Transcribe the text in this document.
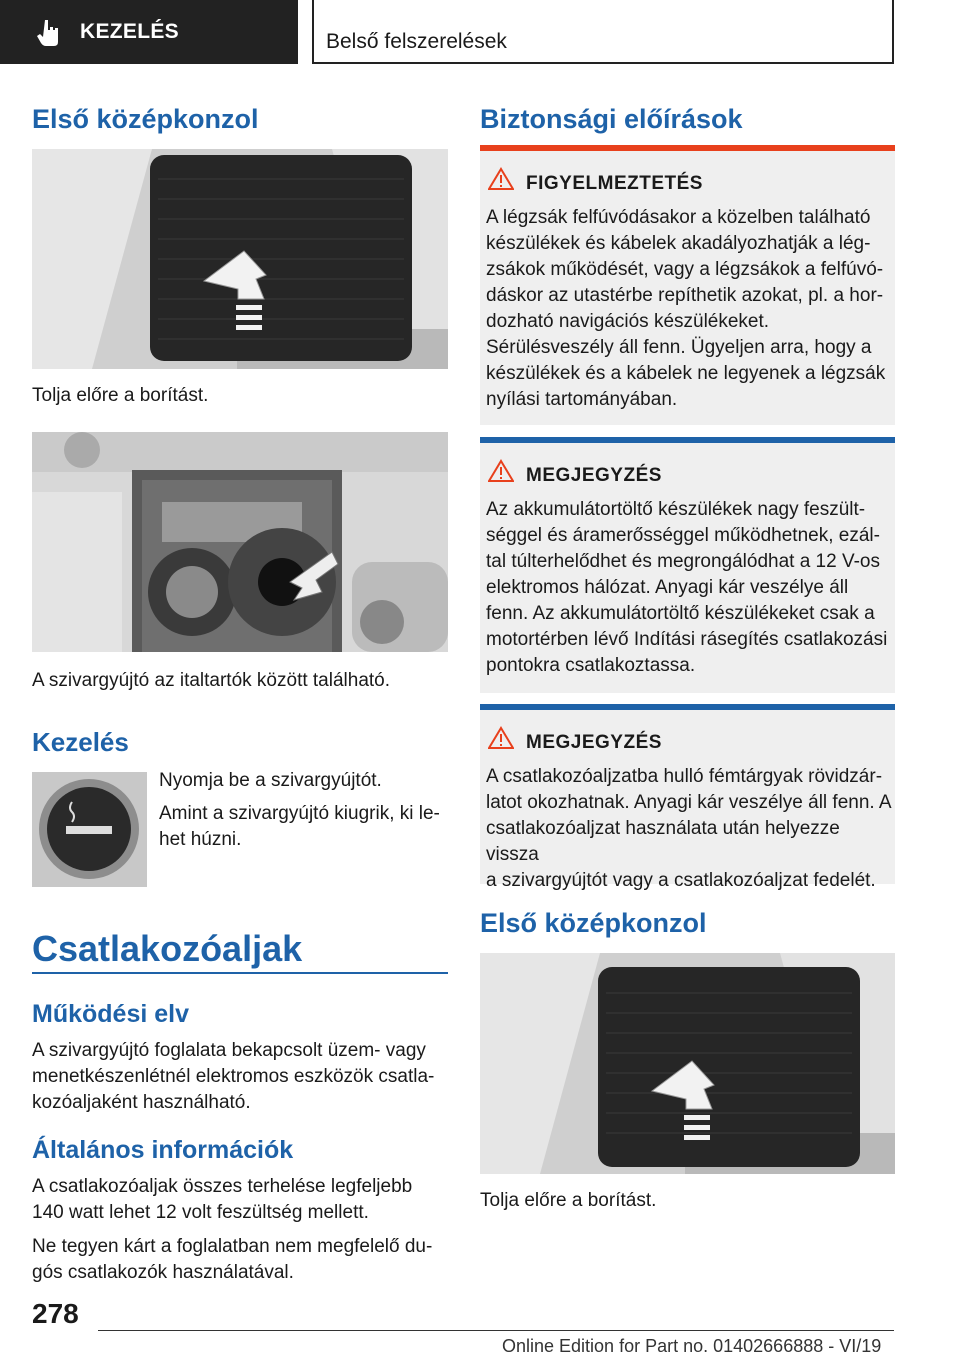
KEZELÉS	Belső felszerelések
Első középkonzol
Tolja előre a borítást.
A szivargyújtó az italtartók között található.
Kezelés
Nyomja be a szivargyújtót.
Amint a szivargyújtó kiugrik, ki le-
het húzni.
Csatlakozóaljak
Működési elv
A szivargyújtó foglalata bekapcsolt üzem- vagy
menetkészenlétnél elektromos eszközök csatla-
kozóaljaként használható.
Általános információk
A csatlakozóaljak összes terhelése legfeljebb
140 watt lehet 12 volt feszültség mellett.
Ne tegyen kárt a foglalatban nem megfelelő du-
gós csatlakozók használatával.
Biztonsági előírások
FIGYELMEZTETÉS
A légzsák felfúvódásakor a közelben található
készülékek és kábelek akadályozhatják a lég-
zsákok működését, vagy a légzsákok a felfúvó-
dáskor az utastérbe repíthetik azokat, pl. a hor-
dozható navigációs készülékeket.
Sérülésveszély áll fenn. Ügyeljen arra, hogy a
készülékek és a kábelek ne legyenek a légzsák
nyílási tartományában.
MEGJEGYZÉS
Az akkumulátortöltő készülékek nagy feszült-
séggel és áramerősséggel működhetnek, ezál-
tal túlterhelődhet és megrongálódhat a 12 V-os
elektromos hálózat. Anyagi kár veszélye áll
fenn. Az akkumulátortöltő készülékeket csak a
motortérben lévő Indítási rásegítés csatlakozási
pontokra csatlakoztassa.
MEGJEGYZÉS
A csatlakozóaljzatba hulló fémtárgyak rövidzár-
latot okozhatnak. Anyagi kár veszélye áll fenn. A
csatlakozóaljzat használata után helyezze vissza
a szivargyújtót vagy a csatlakozóaljzat fedelét.
Első középkonzol
Tolja előre a borítást.
278
Online Edition for Part no. 01402666888 - VI/19
